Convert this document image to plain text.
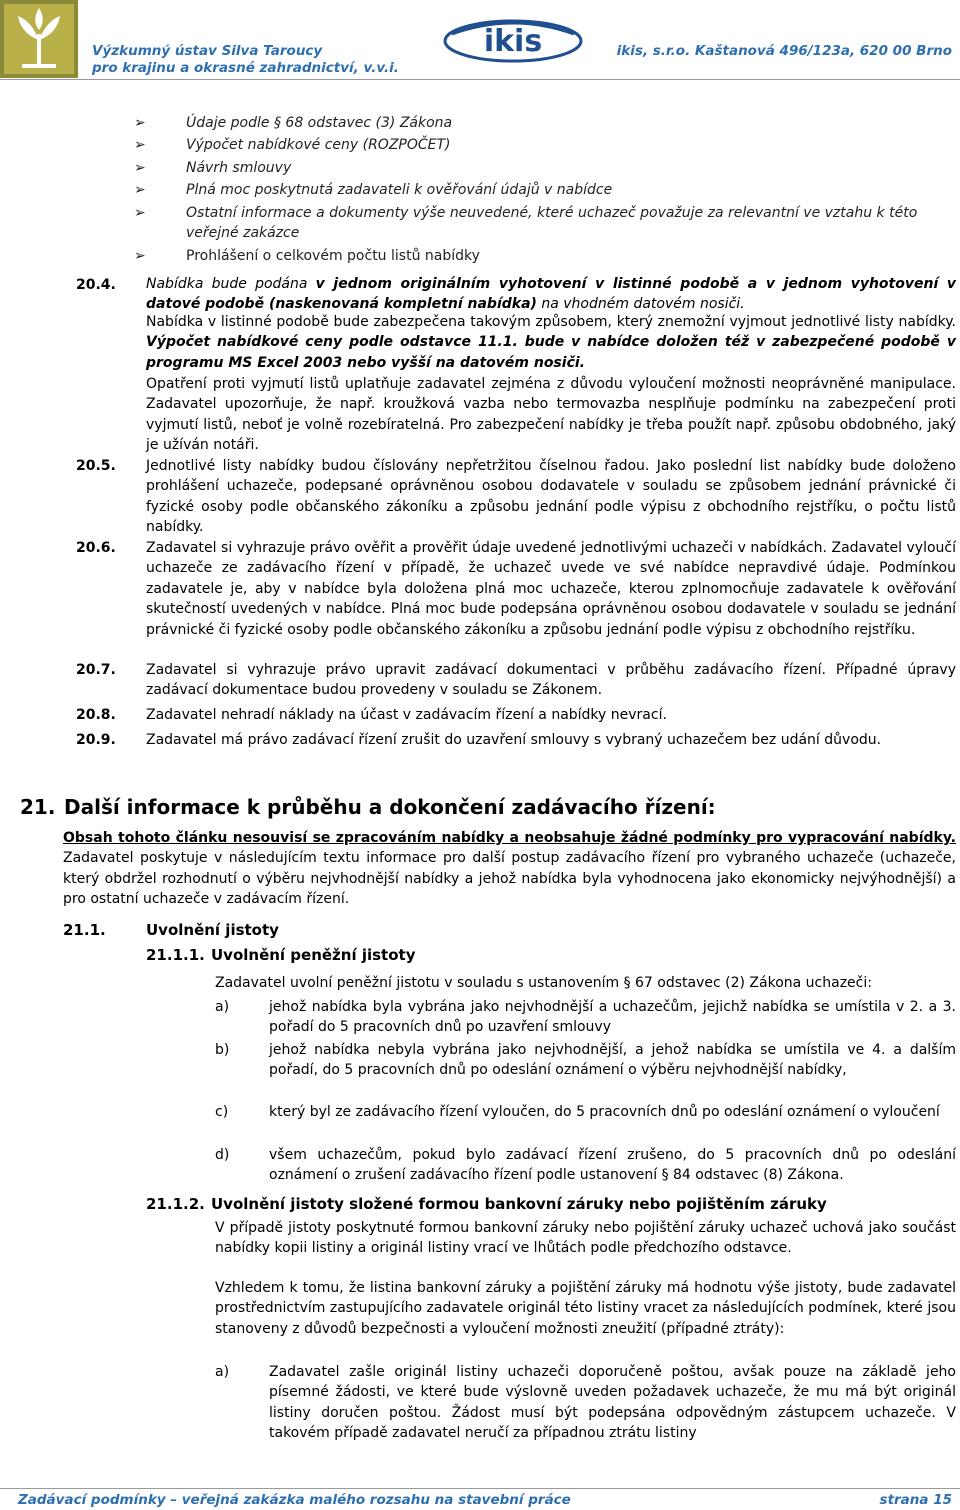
Výzkumný ústav Silva Taroucy
pro krajinu a okrasné zahradnictví, v.v.i.
ikis	ikis, s.r.o. Kaštanová 496/123a, 620 00 Brno
➢	Údaje podle § 68 odstavec (3) Zákona
➢	Výpočet nabídkové ceny (ROZPOČET)
➢	Návrh smlouvy
➢	Plná moc poskytnutá zadavateli k ověřování údajů v nabídce
➢	Ostatní informace a dokumenty výše neuvedené, které uchazeč považuje za relevantní ve vztahu k této veřejné zakázce
➢	Prohlášení o celkovém počtu listů nabídky
20.4. Nabídka bude podána v jednom originálním vyhotovení v listinné podobě a v jednom vyhotovení v datové podobě (naskenovaná kompletní nabídka) na vhodném datovém nosiči.
Nabídka v listinné podobě bude zabezpečena takovým způsobem, který znemožní vyjmout jednotlivé listy nabídky. Výpočet nabídkové ceny podle odstavce 11.1. bude v nabídce doložen též v zabezpečené podobě v programu MS Excel 2003 nebo vyšší na datovém nosiči.
Opatření proti vyjmutí listů uplatňuje zadavatel zejména z důvodu vyloučení možnosti neoprávněné manipulace. Zadavatel upozorňuje, že např. kroužková vazba nebo termovazba nesplňuje podmínku na zabezpečení proti vyjmutí listů, neboť je volně rozebíratelná. Pro zabezpečení nabídky je třeba použít např. způsobu obdobného, jaký je užíván notáři.
20.5. Jednotlivé listy nabídky budou číslovány nepřetržitou číselnou řadou. Jako poslední list nabídky bude doloženo prohlášení uchazeče, podepsané oprávněnou osobou dodavatele v souladu se způsobem jednání právnické či fyzické osoby podle občanského zákoníku a způsobu jednání podle výpisu z obchodního rejstříku, o počtu listů nabídky.
20.6. Zadavatel si vyhrazuje právo ověřit a prověřit údaje uvedené jednotlivými uchazeči v nabídkách. Zadavatel vyloučí uchazeče ze zadávacího řízení v případě, že uchazeč uvede ve své nabídce nepravdivé údaje. Podmínkou zadavatele je, aby v nabídce byla doložena plná moc uchazeče, kterou zplnomocňuje zadavatele k ověřování skutečností uvedených v nabídce. Plná moc bude podepsána oprávněnou osobou dodavatele v souladu se jednání právnické či fyzické osoby podle občanského zákoníku a způsobu jednání podle výpisu z obchodního rejstříku.
20.7. Zadavatel si vyhrazuje právo upravit zadávací dokumentaci v průběhu zadávacího řízení. Případné úpravy zadávací dokumentace budou provedeny v souladu se Zákonem.
20.8. Zadavatel nehradí náklady na účast v zadávacím řízení a nabídky nevrací.
20.9. Zadavatel má právo zadávací řízení zrušit do uzavření smlouvy s vybraný uchazečem bez udání důvodu.
21. Další informace k průběhu a dokončení zadávacího řízení:
Obsah tohoto článku nesouvisí se zpracováním nabídky a neobsahuje žádné podmínky pro vypracování nabídky. Zadavatel poskytuje v následujícím textu informace pro další postup zadávacího řízení pro vybraného uchazeče (uchazeče, který obdržel rozhodnutí o výběru nejvhodnější nabídky a jehož nabídka byla vyhodnocena jako ekonomicky nejvýhodnější) a pro ostatní uchazeče v zadávacím řízení.
21.1.	Uvolnění jistoty
21.1.1. Uvolnění peněžní jistoty
Zadavatel uvolní peněžní jistotu v souladu s ustanovením § 67 odstavec (2) Zákona uchazeči:
a)	jehož nabídka byla vybrána jako nejvhodnější a uchazečům, jejichž nabídka se umístila v 2. a 3. pořadí do 5 pracovních dnů po uzavření smlouvy
b)	jehož nabídka nebyla vybrána jako nejvhodnější, a jehož nabídka se umístila ve 4. a dalším pořadí, do 5 pracovních dnů po odeslání oznámení o výběru nejvhodnější nabídky,
c)	který byl ze zadávacího řízení vyloučen, do 5 pracovních dnů po odeslání oznámení o vyloučení
d)	všem uchazečům, pokud bylo zadávací řízení zrušeno, do 5 pracovních dnů po odeslání oznámení o zrušení zadávacího řízení podle ustanovení § 84 odstavec (8) Zákona.
21.1.2. Uvolnění jistoty složené formou bankovní záruky nebo pojištěním záruky
V případě jistoty poskytnuté formou bankovní záruky nebo pojištění záruky uchazeč uchová jako součást nabídky kopii listiny a originál listiny vrací ve lhůtách podle předchozího odstavce.
Vzhledem k tomu, že listina bankovní záruky a pojištění záruky má hodnotu výše jistoty, bude zadavatel prostřednictvím zastupujícího zadavatele originál této listiny vracet za následujících podmínek, které jsou stanoveny z důvodů bezpečnosti a vyloučení možnosti zneužití (případné ztráty):
a)	Zadavatel zašle originál listiny uchazeči doporučeně poštou, avšak pouze na základě jeho písemné žádosti, ve které bude výslovně uveden požadavek uchazeče, že mu má být originál listiny doručen poštou. Žádost musí být podepsána odpovědným zástupcem uchazeče. V takovém případě zadavatel neručí za případnou ztrátu listiny
Zadávací podmínky – veřejná zakázka malého rozsahu na stavební práce	strana 15
